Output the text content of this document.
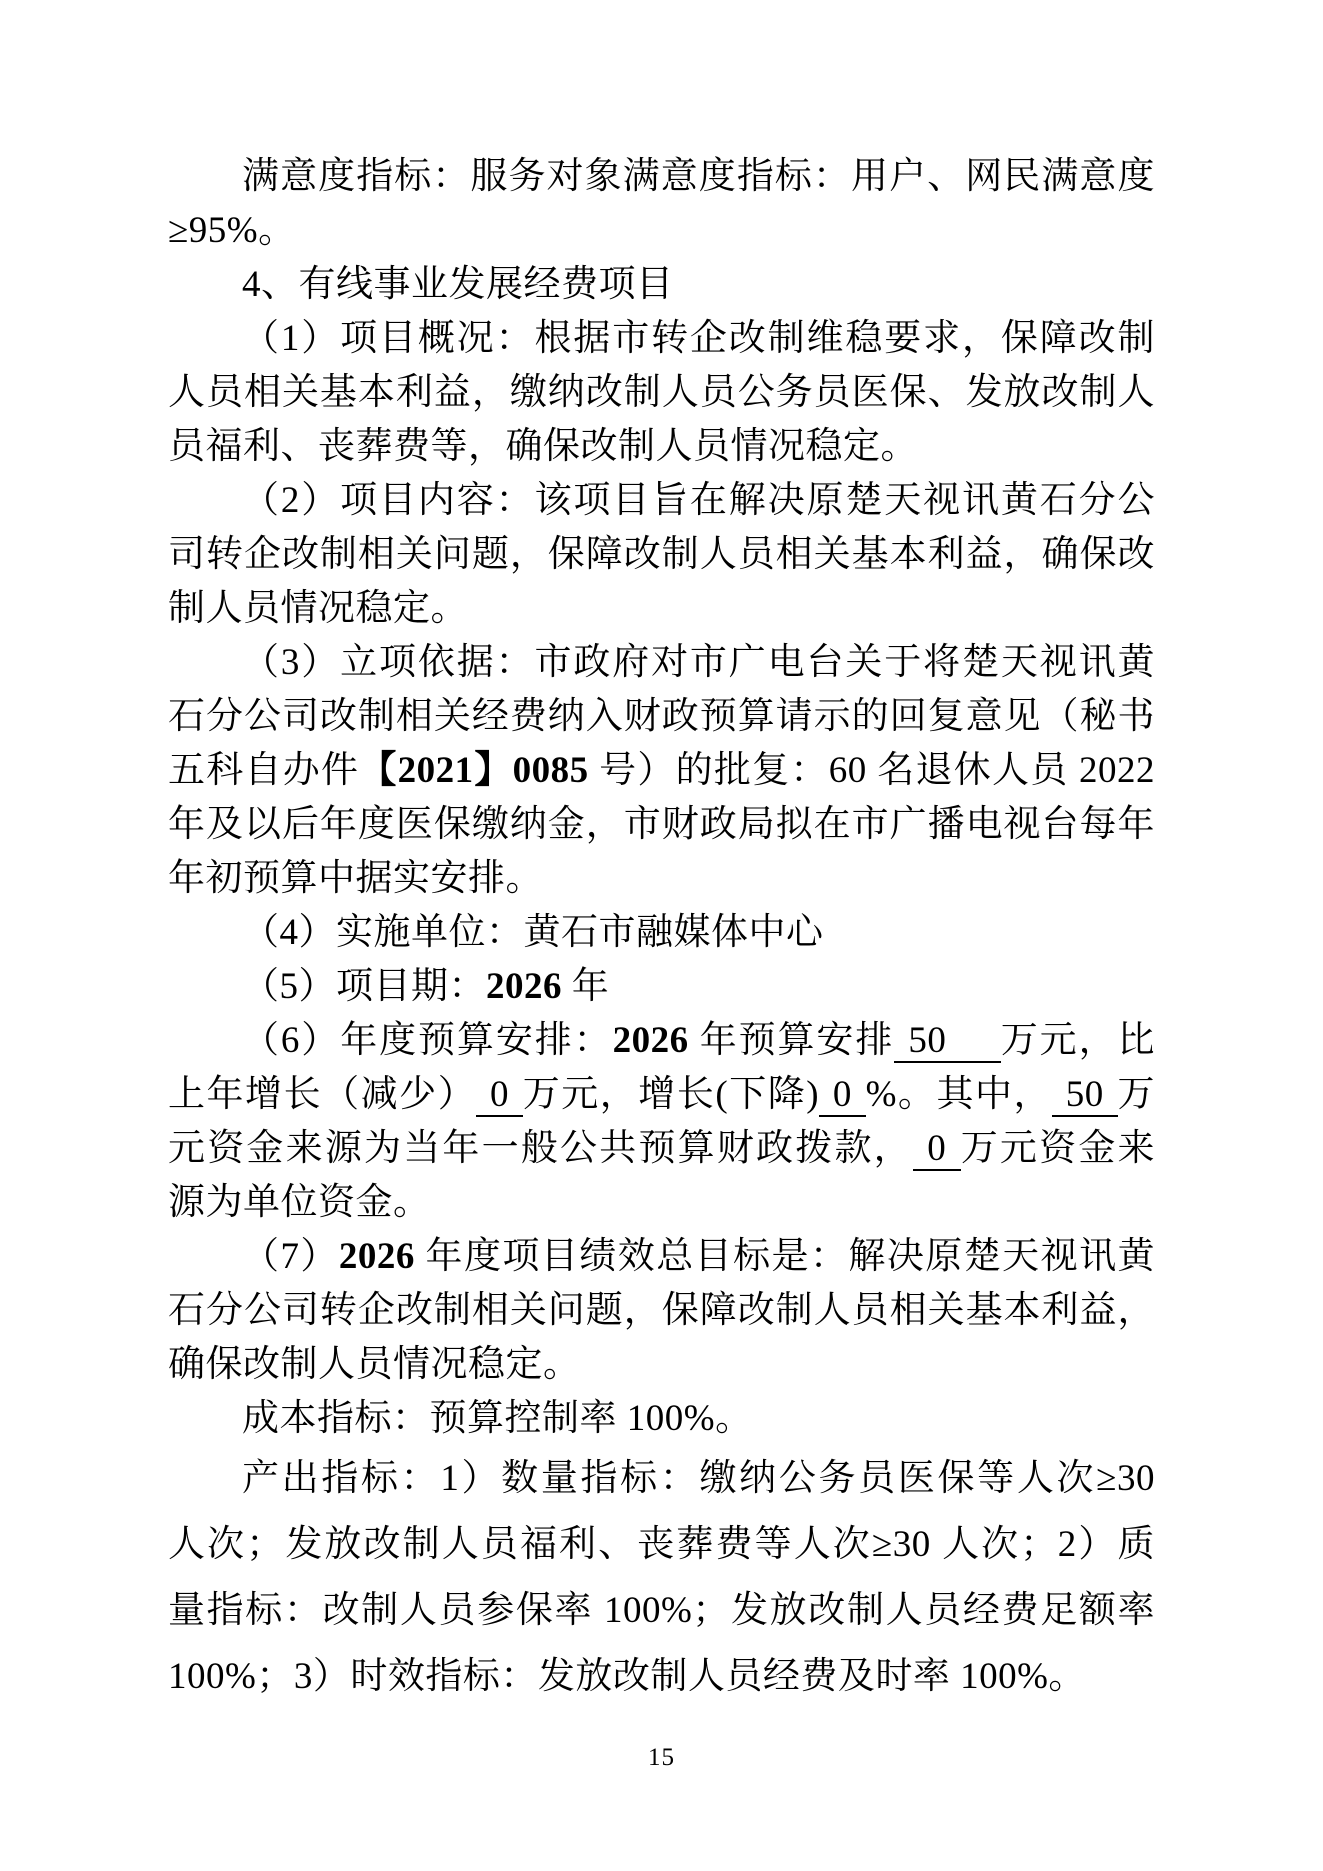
满意度指标：服务对象满意度指标：用户、网民满意度
≥95%。
4、有线事业发展经费项目
（1）项目概况：根据市转企改制维稳要求，保障改制
人员相关基本利益，缴纳改制人员公务员医保、发放改制人
员福利、丧葬费等，确保改制人员情况稳定。
（2）项目内容：该项目旨在解决原楚天视讯黄石分公
司转企改制相关问题，保障改制人员相关基本利益，确保改
制人员情况稳定。
（3）立项依据：市政府对市广电台关于将楚天视讯黄
石分公司改制相关经费纳入财政预算请示的回复意见（秘书
五科自办件【2021】0085 号）的批复：60 名退休人员 2022
年及以后年度医保缴纳金，市财政局拟在市广播电视台每年
年初预算中据实安排。
（4）实施单位：黄石市融媒体中心
（5）项目期：2026 年
（6）年度预算安排：2026 年预算安排 50　 万元，比
上年增长（减少） 0 万元，增长(下降) 0 %。其中， 50 万
元资金来源为当年一般公共预算财政拨款， 0 万元资金来
源为单位资金。
（7）2026 年度项目绩效总目标是：解决原楚天视讯黄
石分公司转企改制相关问题，保障改制人员相关基本利益，
确保改制人员情况稳定。
成本指标：预算控制率 100%。
产出指标：1）数量指标：缴纳公务员医保等人次≥30
人次；发放改制人员福利、丧葬费等人次≥30 人次；2）质
量指标：改制人员参保率 100%；发放改制人员经费足额率
100%；3）时效指标：发放改制人员经费及时率 100%。
15
